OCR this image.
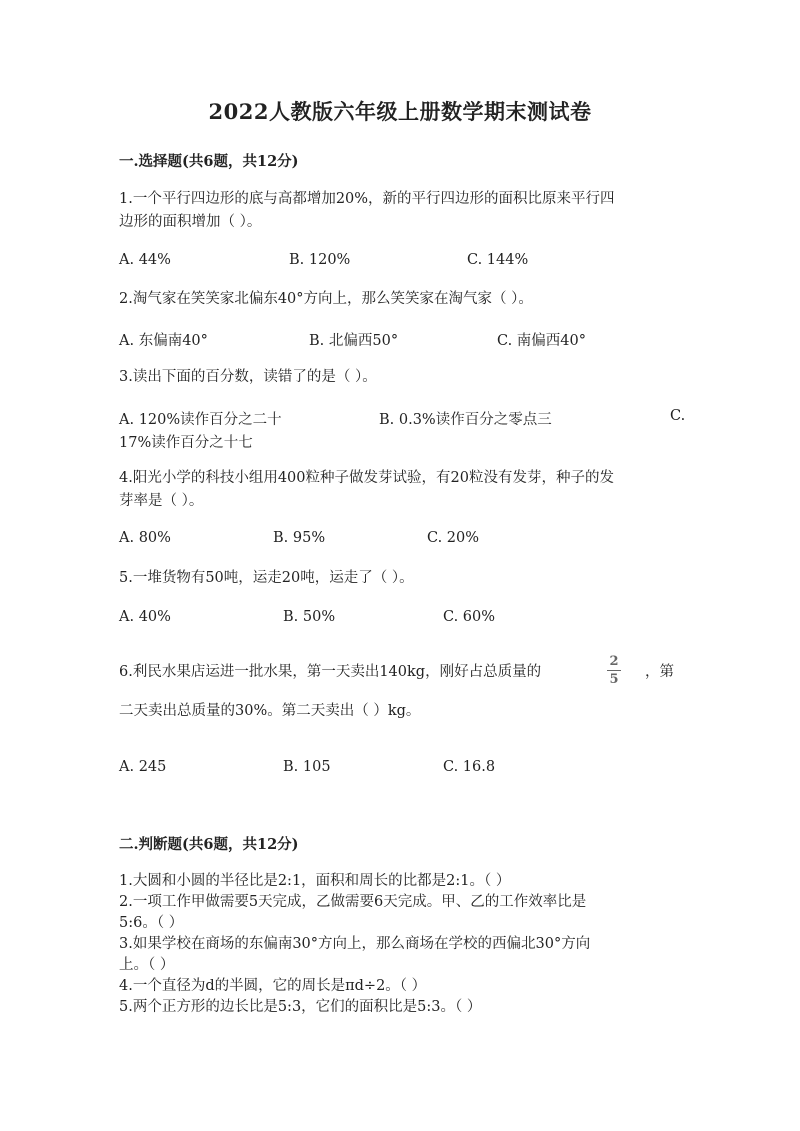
2022人教版六年级上册数学期末测试卷
一.选择题(共6题，共12分)
1.一个平行四边形的底与高都增加20%，新的平行四边形的面积比原来平行四
边形的面积增加（ ）。
A. 44%	B. 120%	C. 144%
2.淘气家在笑笑家北偏东40°方向上，那么笑笑家在淘气家（ ）。
A. 东偏南40°	B. 北偏西50°	C. 南偏西40°
3.读出下面的百分数，读错了的是（ ）。
A. 120%读作百分之二十	B. 0.3%读作百分之零点三	C.
17%读作百分之十七
4.阳光小学的科技小组用400粒种子做发芽试验，有20粒没有发芽，种子的发
芽率是（ ）。
A. 80%	B. 95%	C. 20%
5.一堆货物有50吨，运走20吨，运走了（ ）。
A. 40%	B. 50%	C. 60%
6.利民水果店运进一批水果，第一天卖出140kg，刚好占总质量的
2
5 ，第
二天卖出总质量的30%。第二天卖出（ ）kg。
A. 245	B. 105	C. 16.8
二.判断题(共6题，共12分)
1.大圆和小圆的半径比是2:1，面积和周长的比都是2:1。（ ）
2.一项工作甲做需要5天完成，乙做需要6天完成。甲、乙的工作效率比是
5:6。（ ）
3.如果学校在商场的东偏南30°方向上，那么商场在学校的西偏北30°方向
上。（ ）
4.一个直径为d的半圆，它的周长是πd÷2。（ ）
5.两个正方形的边长比是5:3，它们的面积比是5:3。（ ）
